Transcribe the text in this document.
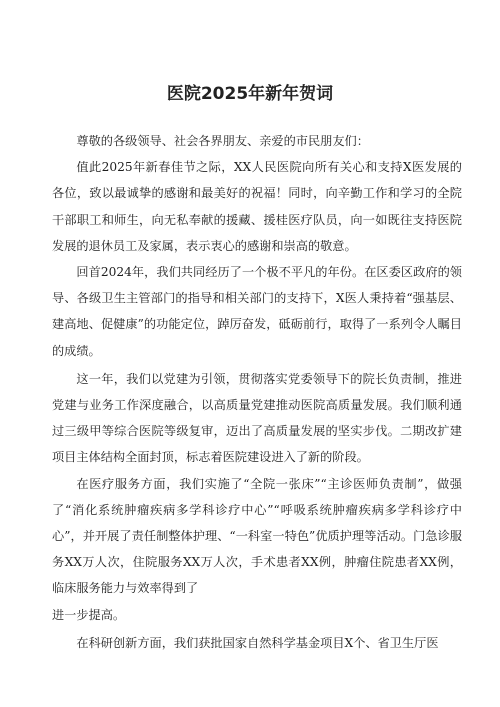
医院2025年新年贺词

尊敬的各级领导、社会各界朋友、亲爱的市民朋友们：

值此2025年新春佳节之际，XX人民医院向所有关心和支持X医发展的各位，致以最诚挚的感谢和最美好的祝福！同时，向辛勤工作和学习的全院干部职工和师生，向无私奉献的援藏、援桂医疗队员，向一如既往支持医院发展的退休员工及家属，表示衷心的感谢和崇高的敬意。

回首2024年，我们共同经历了一个极不平凡的年份。在区委区政府的领导、各级卫生主管部门的指导和相关部门的支持下，X医人秉持着“强基层、建高地、促健康”的功能定位，踔厉奋发，砥砺前行，取得了一系列令人瞩目的成绩。

这一年，我们以党建为引领，贯彻落实党委领导下的院长负责制，推进党建与业务工作深度融合，以高质量党建推动医院高质量发展。我们顺利通过三级甲等综合医院等级复审，迈出了高质量发展的坚实步伐。二期改扩建项目主体结构全面封顶，标志着医院建设进入了新的阶段。

在医疗服务方面，我们实施了“全院一张床”“主诊医师负责制”，做强了“消化系统肿瘤疾病多学科诊疗中心”“呼吸系统肿瘤疾病多学科诊疗中心”，并开展了责任制整体护理、“一科室一特色”优质护理等活动。门急诊服务XX万人次，住院服务XX万人次，手术患者XX例，肿瘤住院患者XX例，临床服务能力与效率得到了

进一步提高。

在科研创新方面，我们获批国家自然科学基金项目X个、省卫生厅医
